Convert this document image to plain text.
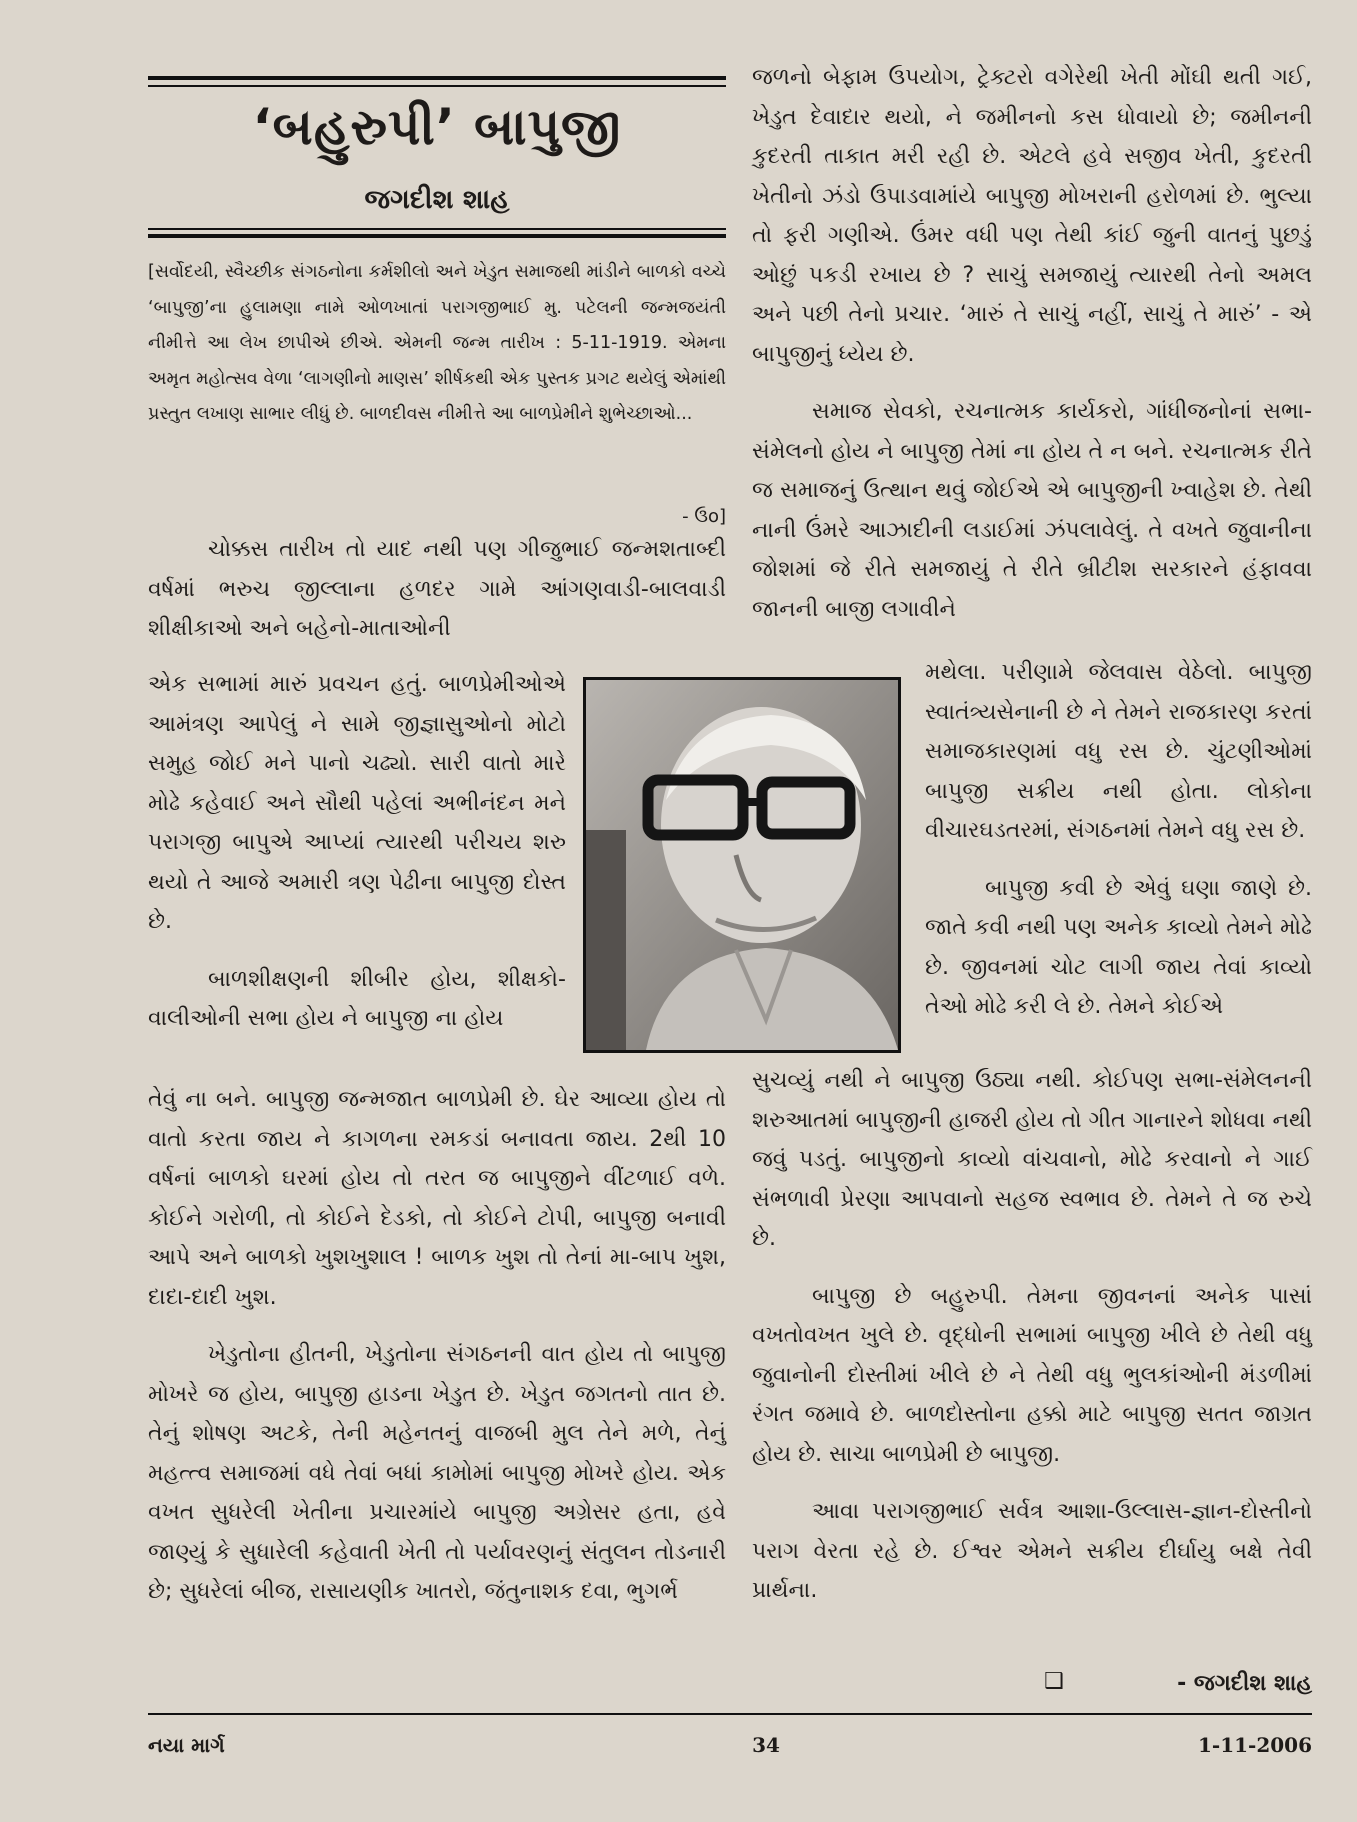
‘બહુરુપી’ બાપુજી
જગદીશ શાહ
[સર્વોદયી, સ્વૈચ્છીક સંગઠનોના કર્મશીલો અને ખેડુત સમાજથી માંડીને બાળકો વચ્ચે ‘બાપુજી’ના હુલામણા નામે ઓળખાતાં પરાગજીભાઈ મુ. પટેલની જન્મજયંતી નીમીત્તે આ લેખ છાપીએ છીએ. એમની જન્મ તારીખ : 5-11-1919. એમના અમૃત મહોત્સવ વેળા ‘લાગણીનો માણસ’ શીર્ષકથી એક પુસ્તક પ્રગટ થયેલું એમાંથી પ્રસ્તુત લખાણ સાભાર લીધું છે. બાળદીવસ નીમીત્તે આ બાળપ્રેમીને શુભેચ્છાઓ...
- ઉo]

ચોક્કસ તારીખ તો યાદ નથી પણ ગીજુભાઈ જન્મશતાબ્દી વર્ષમાં ભરુચ જીલ્લાના હળદર ગામે આંગણવાડી-બાલવાડી શીક્ષીકાઓ અને બહેનો-માતાઓની

એક સભામાં મારું પ્રવચન હતું. બાળપ્રેમીઓએ આમંત્રણ આપેલું ને સામે જીજ્ઞાસુઓનો મોટો સમુહ જોઈ મને પાનો ચઢ્યો. સારી વાતો મારે મોઢે કહેવાઈ અને સૌથી પહેલાં અભીનંદન મને પરાગજી બાપુએ આપ્યાં ત્યારથી પરીચય શરુ થયો તે આજે અમારી ત્રણ પેઢીના બાપુજી દોસ્ત છે.

બાળશીક્ષણની શીબીર હોય, શીક્ષકો-વાલીઓની સભા હોય ને બાપુજી ના હોય

તેવું ના બને. બાપુજી જન્મજાત બાળપ્રેમી છે. ઘેર આવ્યા હોય તો વાતો કરતા જાય ને કાગળના રમકડાં બનાવતા જાય. 2થી 10 વર્ષનાં બાળકો ઘરમાં હોય તો તરત જ બાપુજીને વીંટળાઈ વળે. કોઈને ગરોળી, તો કોઈને દેડકો, તો કોઈને ટોપી, બાપુજી બનાવી આપે અને બાળકો ખુશખુશાલ ! બાળક ખુશ તો તેનાં મા-બાપ ખુશ, દાદા-દાદી ખુશ.

ખેડુતોના હીતની, ખેડુતોના સંગઠનની વાત હોય તો બાપુજી મોખરે જ હોય, બાપુજી હાડના ખેડુત છે. ખેડુત જગતનો તાત છે. તેનું શોષણ અટકે, તેની મહેનતનું વાજબી મુલ તેને મળે, તેનું મહત્ત્વ સમાજમાં વધે તેવાં બધાં કામોમાં બાપુજી મોખરે હોય. એક વખત સુધરેલી ખેતીના પ્રચારમાંયે બાપુજી અગ્રેસર હતા, હવે જાણ્યું કે સુધારેલી કહેવાતી ખેતી તો પર્યાવરણનું સંતુલન તોડનારી છે; સુધરેલાં બીજ, રાસાયણીક ખાતરો, જંતુનાશક દવા, ભુગર્ભ

જળનો બેફામ ઉપયોગ, ટ્રેક્ટરો વગેરેથી ખેતી મોંઘી થતી ગઈ, ખેડુત દેવાદાર થયો, ને જમીનનો કસ ધોવાયો છે; જમીનની કુદરતી તાકાત મરી રહી છે. એટલે હવે સજીવ ખેતી, કુદરતી ખેતીનો ઝંડો ઉપાડવામાંયે બાપુજી મોખરાની હરોળમાં છે. ભુલ્યા તો ફરી ગણીએ. ઉંમર વધી પણ તેથી કાંઈ જુની વાતનું પુછડું ઓછું પકડી રખાય છે ? સાચું સમજાયું ત્યારથી તેનો અમલ અને પછી તેનો પ્રચાર. ‘મારું તે સાચું નહીં, સાચું તે મારું’ - એ બાપુજીનું ધ્યેય છે.

સમાજ સેવકો, રચનાત્મક કાર્યકરો, ગાંધીજનોનાં સભા-સંમેલનો હોય ને બાપુજી તેમાં ના હોય તે ન બને. રચનાત્મક રીતે જ સમાજનું ઉત્થાન થવું જોઈએ એ બાપુજીની ખ્વાહેશ છે. તેથી નાની ઉંમરે આઝાદીની લડાઈમાં ઝંપલાવેલું. તે વખતે જુવાનીના જોશમાં જે રીતે સમજાયું તે રીતે બ્રીટીશ સરકારને હંફાવવા જાનની બાજી લગાવીને

મથેલા. પરીણામે જેલવાસ વેઠેલો. બાપુજી સ્વાતંત્ર્યસેનાની છે ને તેમને રાજકારણ કરતાં સમાજકારણમાં વધુ રસ છે. ચુંટણીઓમાં બાપુજી સક્રીય નથી હોતા. લોકોના વીચારઘડતરમાં, સંગઠનમાં તેમને વધુ રસ છે.

બાપુજી કવી છે એવું ઘણા જાણે છે. જાતે કવી નથી પણ અનેક કાવ્યો તેમને મોઢે છે. જીવનમાં ચોટ લાગી જાય તેવાં કાવ્યો તેઓ મોઢે કરી લે છે. તેમને કોઈએ

સુચવ્યું નથી ને બાપુજી ઉઠ્યા નથી. કોઈપણ સભા-સંમેલનની શરુઆતમાં બાપુજીની હાજરી હોય તો ગીત ગાનારને શોધવા નથી જવું પડતું. બાપુજીનો કાવ્યો વાંચવાનો, મોઢે કરવાનો ને ગાઈ સંભળાવી પ્રેરણા આપવાનો સહજ સ્વભાવ છે. તેમને તે જ રુચે છે.

બાપુજી છે બહુરુપી. તેમના જીવનનાં અનેક પાસાં વખતોવખત ખુલે છે. વૃદ્ધોની સભામાં બાપુજી ખીલે છે તેથી વધુ જુવાનોની દોસ્તીમાં ખીલે છે ને તેથી વધુ ભુલકાંઓની મંડળીમાં રંગત જમાવે છે. બાળદોસ્તોના હક્કો માટે બાપુજી સતત જાગ્રત હોય છે. સાચા બાળપ્રેમી છે બાપુજી.

આવા પરાગજીભાઈ સર્વત્ર આશા-ઉલ્લાસ-જ્ઞાન-દોસ્તીનો પરાગ વેરતા રહે છે. ઈશ્વર એમને સક્રીય દીર્ઘાયુ બક્ષે તેવી પ્રાર્થના.

❑	- જગદીશ શાહ
નયા માર્ગ	34	1-11-2006
